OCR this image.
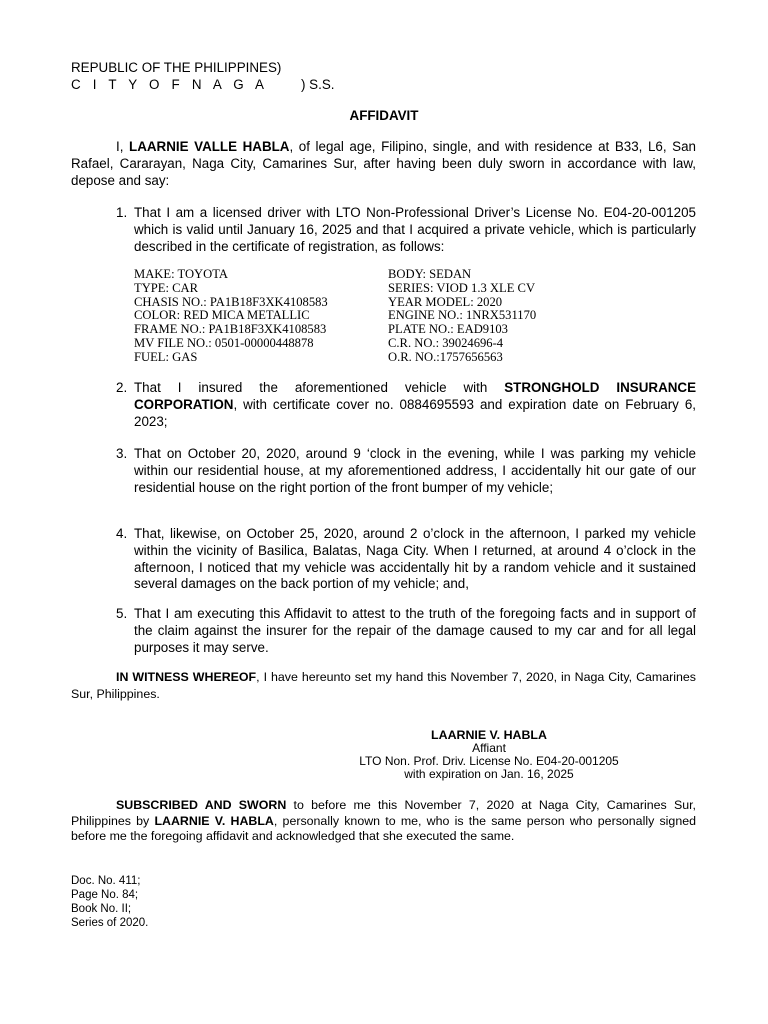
REPUBLIC OF THE PHILIPPINES)
C I T Y O F N A G A ) S.S.
AFFIDAVIT
I, LAARNIE VALLE HABLA, of legal age, Filipino, single, and with residence at B33, L6, San Rafael, Cararayan, Naga City, Camarines Sur, after having been duly sworn in accordance with law, depose and say:
1. That I am a licensed driver with LTO Non-Professional Driver’s License No. E04-20-001205 which is valid until January 16, 2025 and that I acquired a private vehicle, which is particularly described in the certificate of registration, as follows:
MAKE: TOYOTA
TYPE: CAR
CHASIS NO.: PA1B18F3XK4108583
COLOR: RED MICA METALLIC
FRAME NO.: PA1B18F3XK4108583
MV FILE NO.: 0501-00000448878
FUEL: GAS
BODY: SEDAN
SERIES: VIOD 1.3 XLE CV
YEAR MODEL: 2020
ENGINE NO.: 1NRX531170
PLATE NO.: EAD9103
C.R. NO.: 39024696-4
O.R. NO.:1757656563
2. That I insured the aforementioned vehicle with STRONGHOLD INSURANCE CORPORATION, with certificate cover no. 0884695593 and expiration date on February 6, 2023;
3. That on October 20, 2020, around 9 ‘clock in the evening, while I was parking my vehicle within our residential house, at my aforementioned address, I accidentally hit our gate of our residential house on the right portion of the front bumper of my vehicle;
4. That, likewise, on October 25, 2020, around 2 o’clock in the afternoon, I parked my vehicle within the vicinity of Basilica, Balatas, Naga City. When I returned, at around 4 o’clock in the afternoon, I noticed that my vehicle was accidentally hit by a random vehicle and it sustained several damages on the back portion of my vehicle; and,
5. That I am executing this Affidavit to attest to the truth of the foregoing facts and in support of the claim against the insurer for the repair of the damage caused to my car and for all legal purposes it may serve.
IN WITNESS WHEREOF, I have hereunto set my hand this November 7, 2020, in Naga City, Camarines Sur, Philippines.
LAARNIE V. HABLA
Affiant
LTO Non. Prof. Driv. License No. E04-20-001205
with expiration on Jan. 16, 2025
SUBSCRIBED AND SWORN to before me this November 7, 2020 at Naga City, Camarines Sur, Philippines by LAARNIE V. HABLA, personally known to me, who is the same person who personally signed before me the foregoing affidavit and acknowledged that she executed the same.
Doc. No. 411;
Page No. 84;
Book No. II;
Series of 2020.
